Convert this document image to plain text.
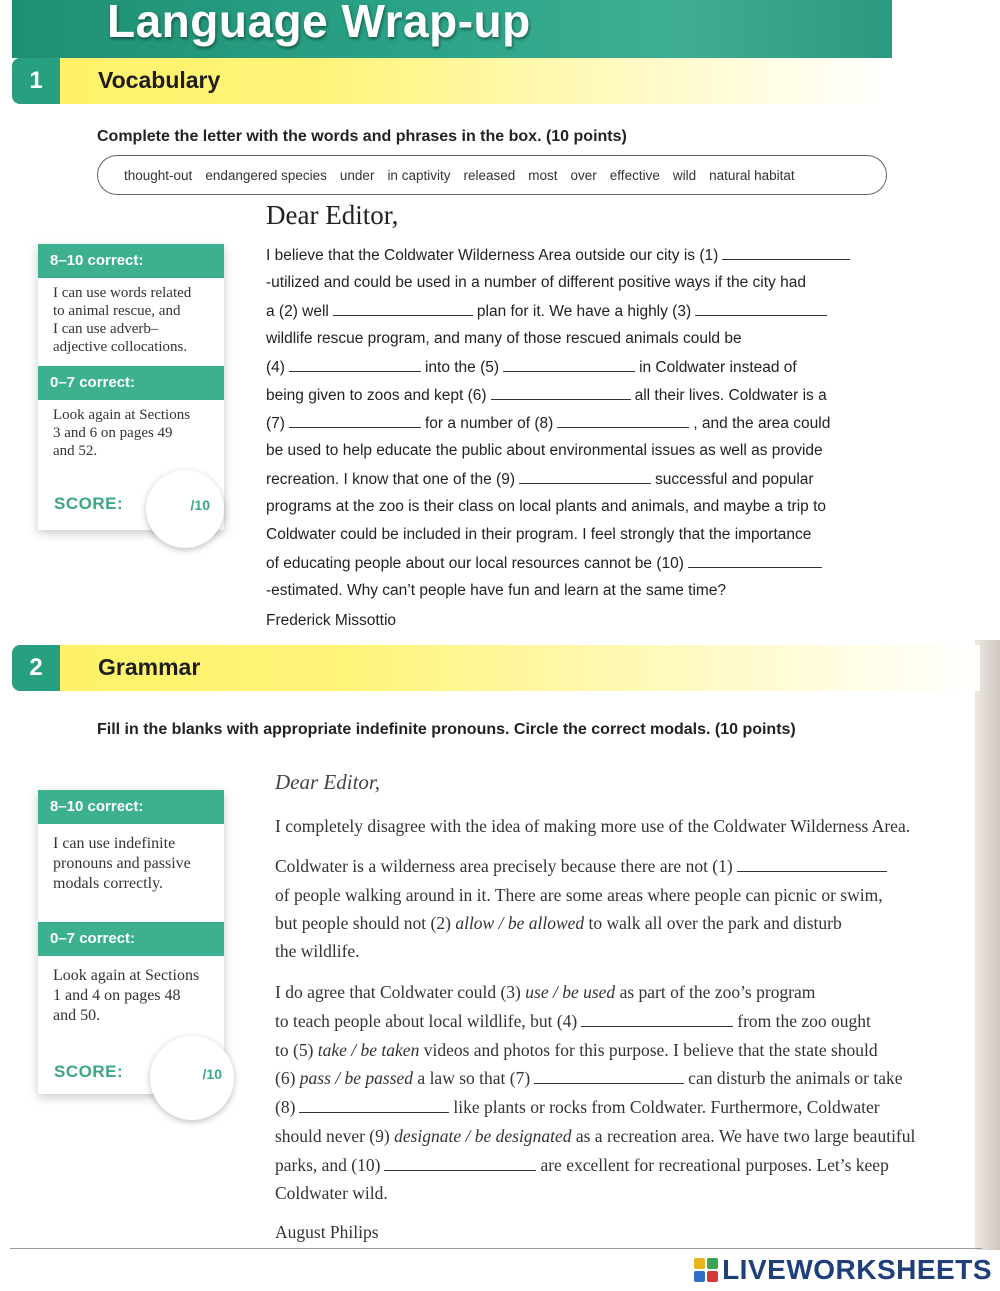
Language Wrap-up
1	Vocabulary
Complete the letter with the words and phrases in the box. (10 points)
thought-out endangered species under in captivity released most over effective wild natural habitat
8–10 correct:
I can use words related
to animal rescue, and
I can use adverb–
adjective collocations.
0–7 correct:
Look again at Sections
3 and 6 on pages 49
and 52.
SCORE:	/10
Dear Editor,
I believe that the Coldwater Wilderness Area outside our city is (1)
-utilized and could be used in a number of different positive ways if the city had
a (2) well	plan for it. We have a highly (3)
wildlife rescue program, and many of those rescued animals could be
(4)	into the (5)	in Coldwater instead of
being given to zoos and kept (6)	all their lives. Coldwater is a
(7)	for a number of (8)	, and the area could
be used to help educate the public about environmental issues as well as provide
recreation. I know that one of the (9)	successful and popular
programs at the zoo is their class on local plants and animals, and maybe a trip to
Coldwater could be included in their program. I feel strongly that the importance
of educating people about our local resources cannot be (10)
-estimated. Why can’t people have fun and learn at the same time?
Frederick Missottio
2	Grammar
Fill in the blanks with appropriate indefinite pronouns. Circle the correct modals. (10 points)
8–10 correct:
I can use indefinite
pronouns and passive
modals correctly.
0–7 correct:
Look again at Sections
1 and 4 on pages 48
and 50.
SCORE:	/10
Dear Editor,
I completely disagree with the idea of making more use of the Coldwater Wilderness Area.
Coldwater is a wilderness area precisely because there are not (1)
of people walking around in it. There are some areas where people can picnic or swim,
but people should not (2) allow / be allowed to walk all over the park and disturb
the wildlife.
I do agree that Coldwater could (3) use / be used as part of the zoo’s program
to teach people about local wildlife, but (4)	from the zoo ought
to (5) take / be taken videos and photos for this purpose. I believe that the state should
(6) pass / be passed a law so that (7)	can disturb the animals or take
(8)	like plants or rocks from Coldwater. Furthermore, Coldwater
should never (9) designate / be designated as a recreation area. We have two large beautiful
parks, and (10)	are excellent for recreational purposes. Let’s keep
Coldwater wild.
August Philips
LIVEWORKSHEETS
